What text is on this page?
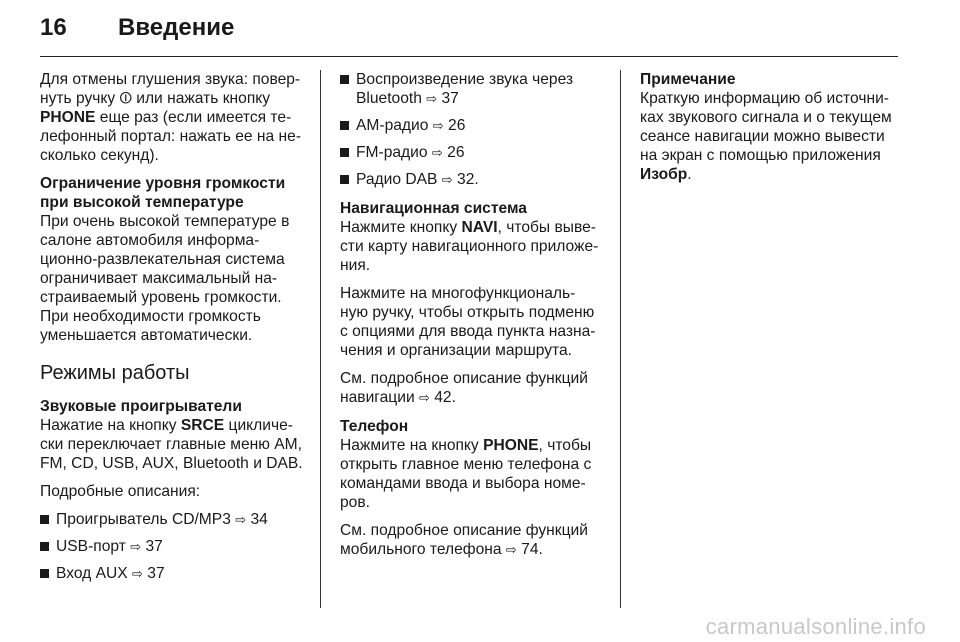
16 Введение

Для отмены глушения звука: повер- нуть ручку ⏼ или нажать кнопку PHONE еще раз (если имеется те- лефонный портал: нажать ее на не- сколько секунд).

Ограничение уровня громкости при высокой температуре
При очень высокой температуре в салоне автомобиля информа- ционно-развлекательная система ограничивает максимальный на- страиваемый уровень громкости. При необходимости громкость уменьшается автоматически.

Режимы работы

Звуковые проигрыватели
Нажатие на кнопку SRCE цикличе- ски переключает главные меню AM, FM, CD, USB, AUX, Bluetooth и DAB.

Подробные описания:

Проигрыватель CD/MP3 ⇨ 34
USB-порт ⇨ 37
Вход AUX ⇨ 37
Воспроизведение звука через Bluetooth ⇨ 37
AM-радио ⇨ 26
FM-радио ⇨ 26
Радио DAB ⇨ 32.

Навигационная система
Нажмите кнопку NAVI, чтобы выве- сти карту навигационного приложе- ния.

Нажмите на многофункциональ- ную ручку, чтобы открыть подменю с опциями для ввода пункта назна- чения и организации маршрута.

См. подробное описание функций навигации ⇨ 42.

Телефон
Нажмите на кнопку PHONE, чтобы открыть главное меню телефона с командами ввода и выбора номе- ров.

См. подробное описание функций мобильного телефона ⇨ 74.

Примечание
Краткую информацию об источни- ках звукового сигнала и о текущем сеансе навигации можно вывести на экран с помощью приложения Изобр.

carmanualsonline.info
